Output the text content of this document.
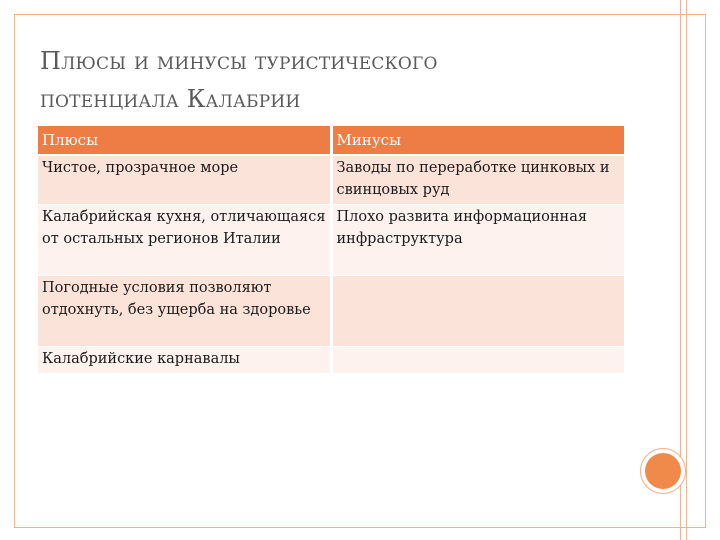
Плюсы и минусы туристического
потенциала Калабрии
Плюсы	Минусы
Чистое, прозрачное море	Заводы по переработке цинковых и свинцовых руд
Калабрийская кухня, отличающаяся от остальных регионов Италии	Плохо развита информационная инфраструктура
Погодные условия позволяют отдохнуть, без ущерба на здоровье	
Калабрийские карнавалы	
